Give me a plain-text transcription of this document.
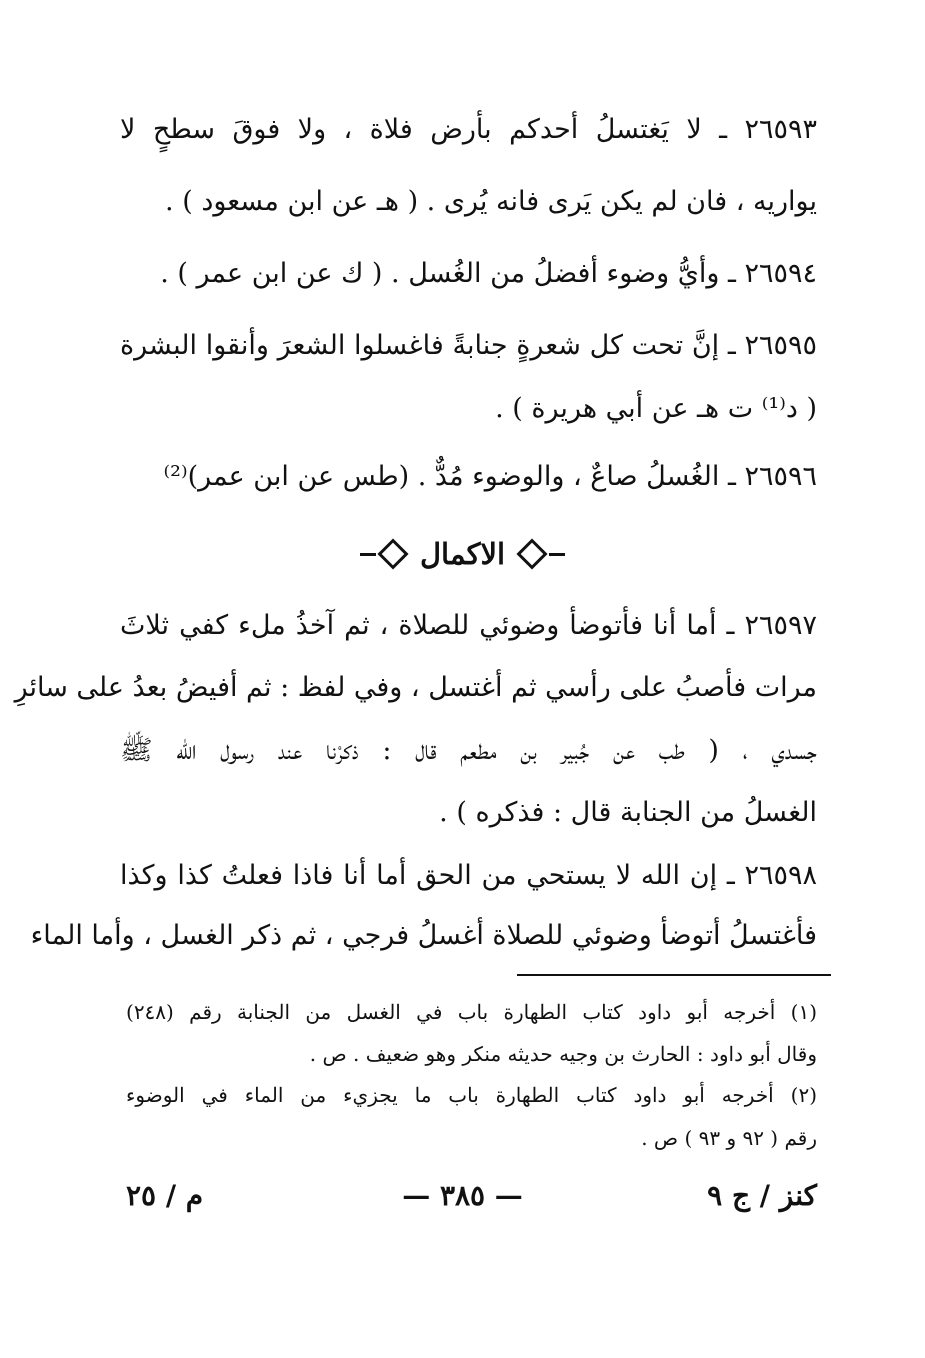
٢٦٥٩٣ ـ لا يَغتسلُ أحدكم بأرض فلاة ، ولا فوقَ سطحٍ لا
يواريه ، فان لم يكن يَرى فانه يُرى . ( هـ عن ابن مسعود ) .
٢٦٥٩٤ ـ وأيُّ وضوء أفضلُ من الغُسل . ( ك عن ابن عمر ) .
٢٦٥٩٥ ـ إنَّ تحت كل شعرةٍ جنابةً فاغسلوا الشعرَ وأنقوا البشرة
( د⁽¹⁾ ت هـ عن أبي هريرة ) .
٢٦٥٩٦ ـ الغُسلُ صاعٌ ، والوضوء مُدٌّ . (طس عن ابن عمر)⁽²⁾
الاكمال
٢٦٥٩٧ ـ أما أنا فأتوضأ وضوئي للصلاة ، ثم آخذُ ملء كفي ثلاثَ
مرات فأصبُ على رأسي ثم أغتسل ، وفي لفظ : ثم أفيضُ بعدُ على سائرِ
جسدي ، ( طب عن جُبير بن مطعم قال : ذكرْنا عند رسول الله ﷺ
الغسلُ من الجنابة قال : فذكره ) .
٢٦٥٩٨ ـ إن الله لا يستحي من الحق أما أنا فاذا فعلتُ كذا وكذا
فأغتسلُ أتوضأ وضوئي للصلاة أغسلُ فرجي ، ثم ذكر الغسل ، وأما الماء
(١) أخرجه أبو داود كتاب الطهارة باب في الغسل من الجنابة رقم (٢٤٨)
وقال أبو داود : الحارث بن وجيه حديثه منكر وهو ضعيف . ص .
(٢) أخرجه أبو داود كتاب الطهارة باب ما يجزيء من الماء في الوضوء
رقم ( ٩٢ و ٩٣ ) ص .
كنز / ج ٩
— ٣٨٥ —
م / ٢٥
